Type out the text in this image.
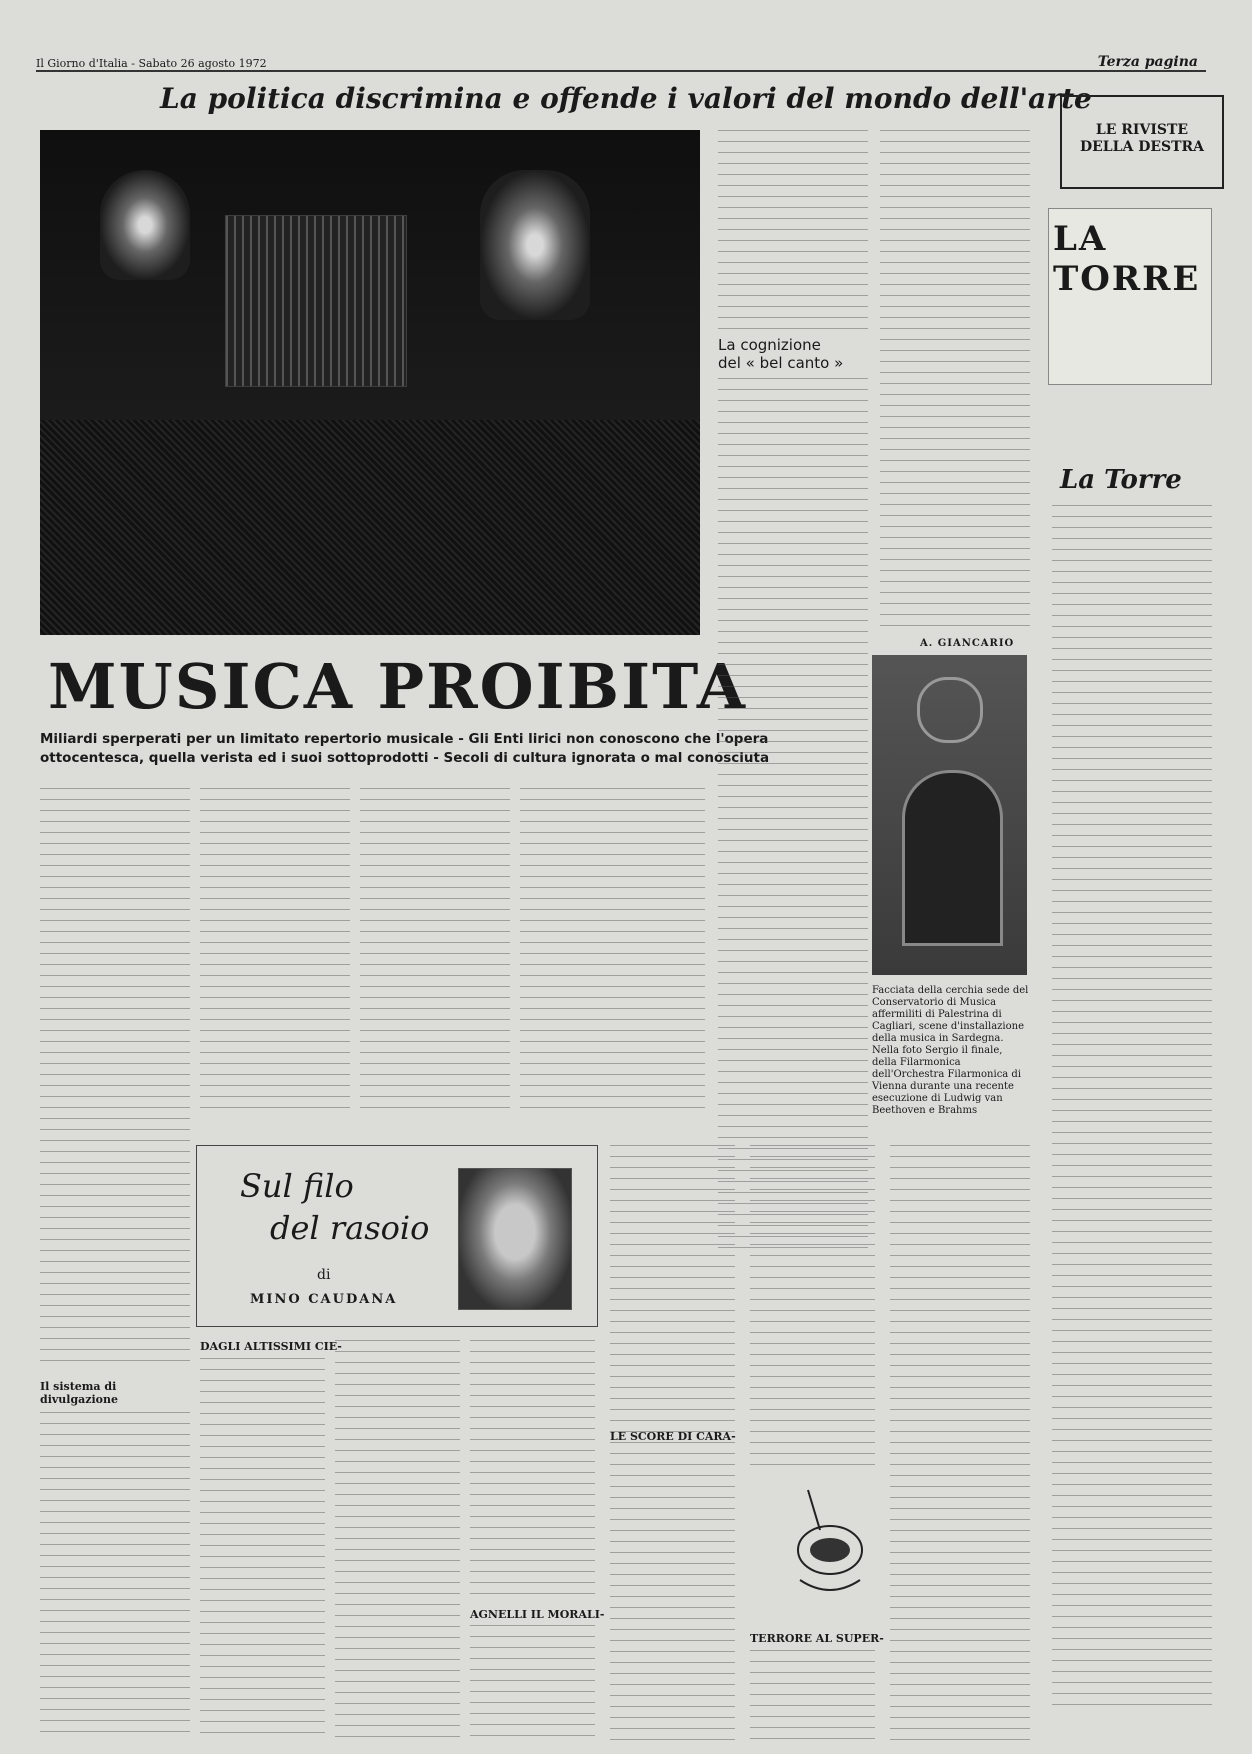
Il Giorno d'Italia - Sabato 26 agosto 1972	Terza pagina
La politica discrimina e offende i valori del mondo dell'arte
MUSICA PROIBITA
Miliardi sperperati per un limitato repertorio musicale - Gli Enti lirici non conoscono che l'opera ottocentesca, quella verista ed i suoi sottoprodotti - Secoli di cultura ignorata o mal conosciuta
La cognizione
del « bel canto »
A. GIANCARIO
Il sistema di divulgazione
Facciata della cerchia sede del Conservatorio di Musica affermiliti di Palestrina di Cagliari, scene d'installazione della musica in Sardegna. Nella foto Sergio il finale, della Filarmonica dell'Orchestra Filarmonica di Vienna durante una recente esecuzione di Ludwig van Beethoven e Brahms
LE RIVISTE
DELLA DESTRA
LA TORRE
La Torre
Sul filo
del rasoio
di
MINO CAUDANA
DAGLI ALTISSIMI CIE-
LE SCORE DI CARA-
AGNELLI IL MORALI-
TERRORE AL SUPER-
